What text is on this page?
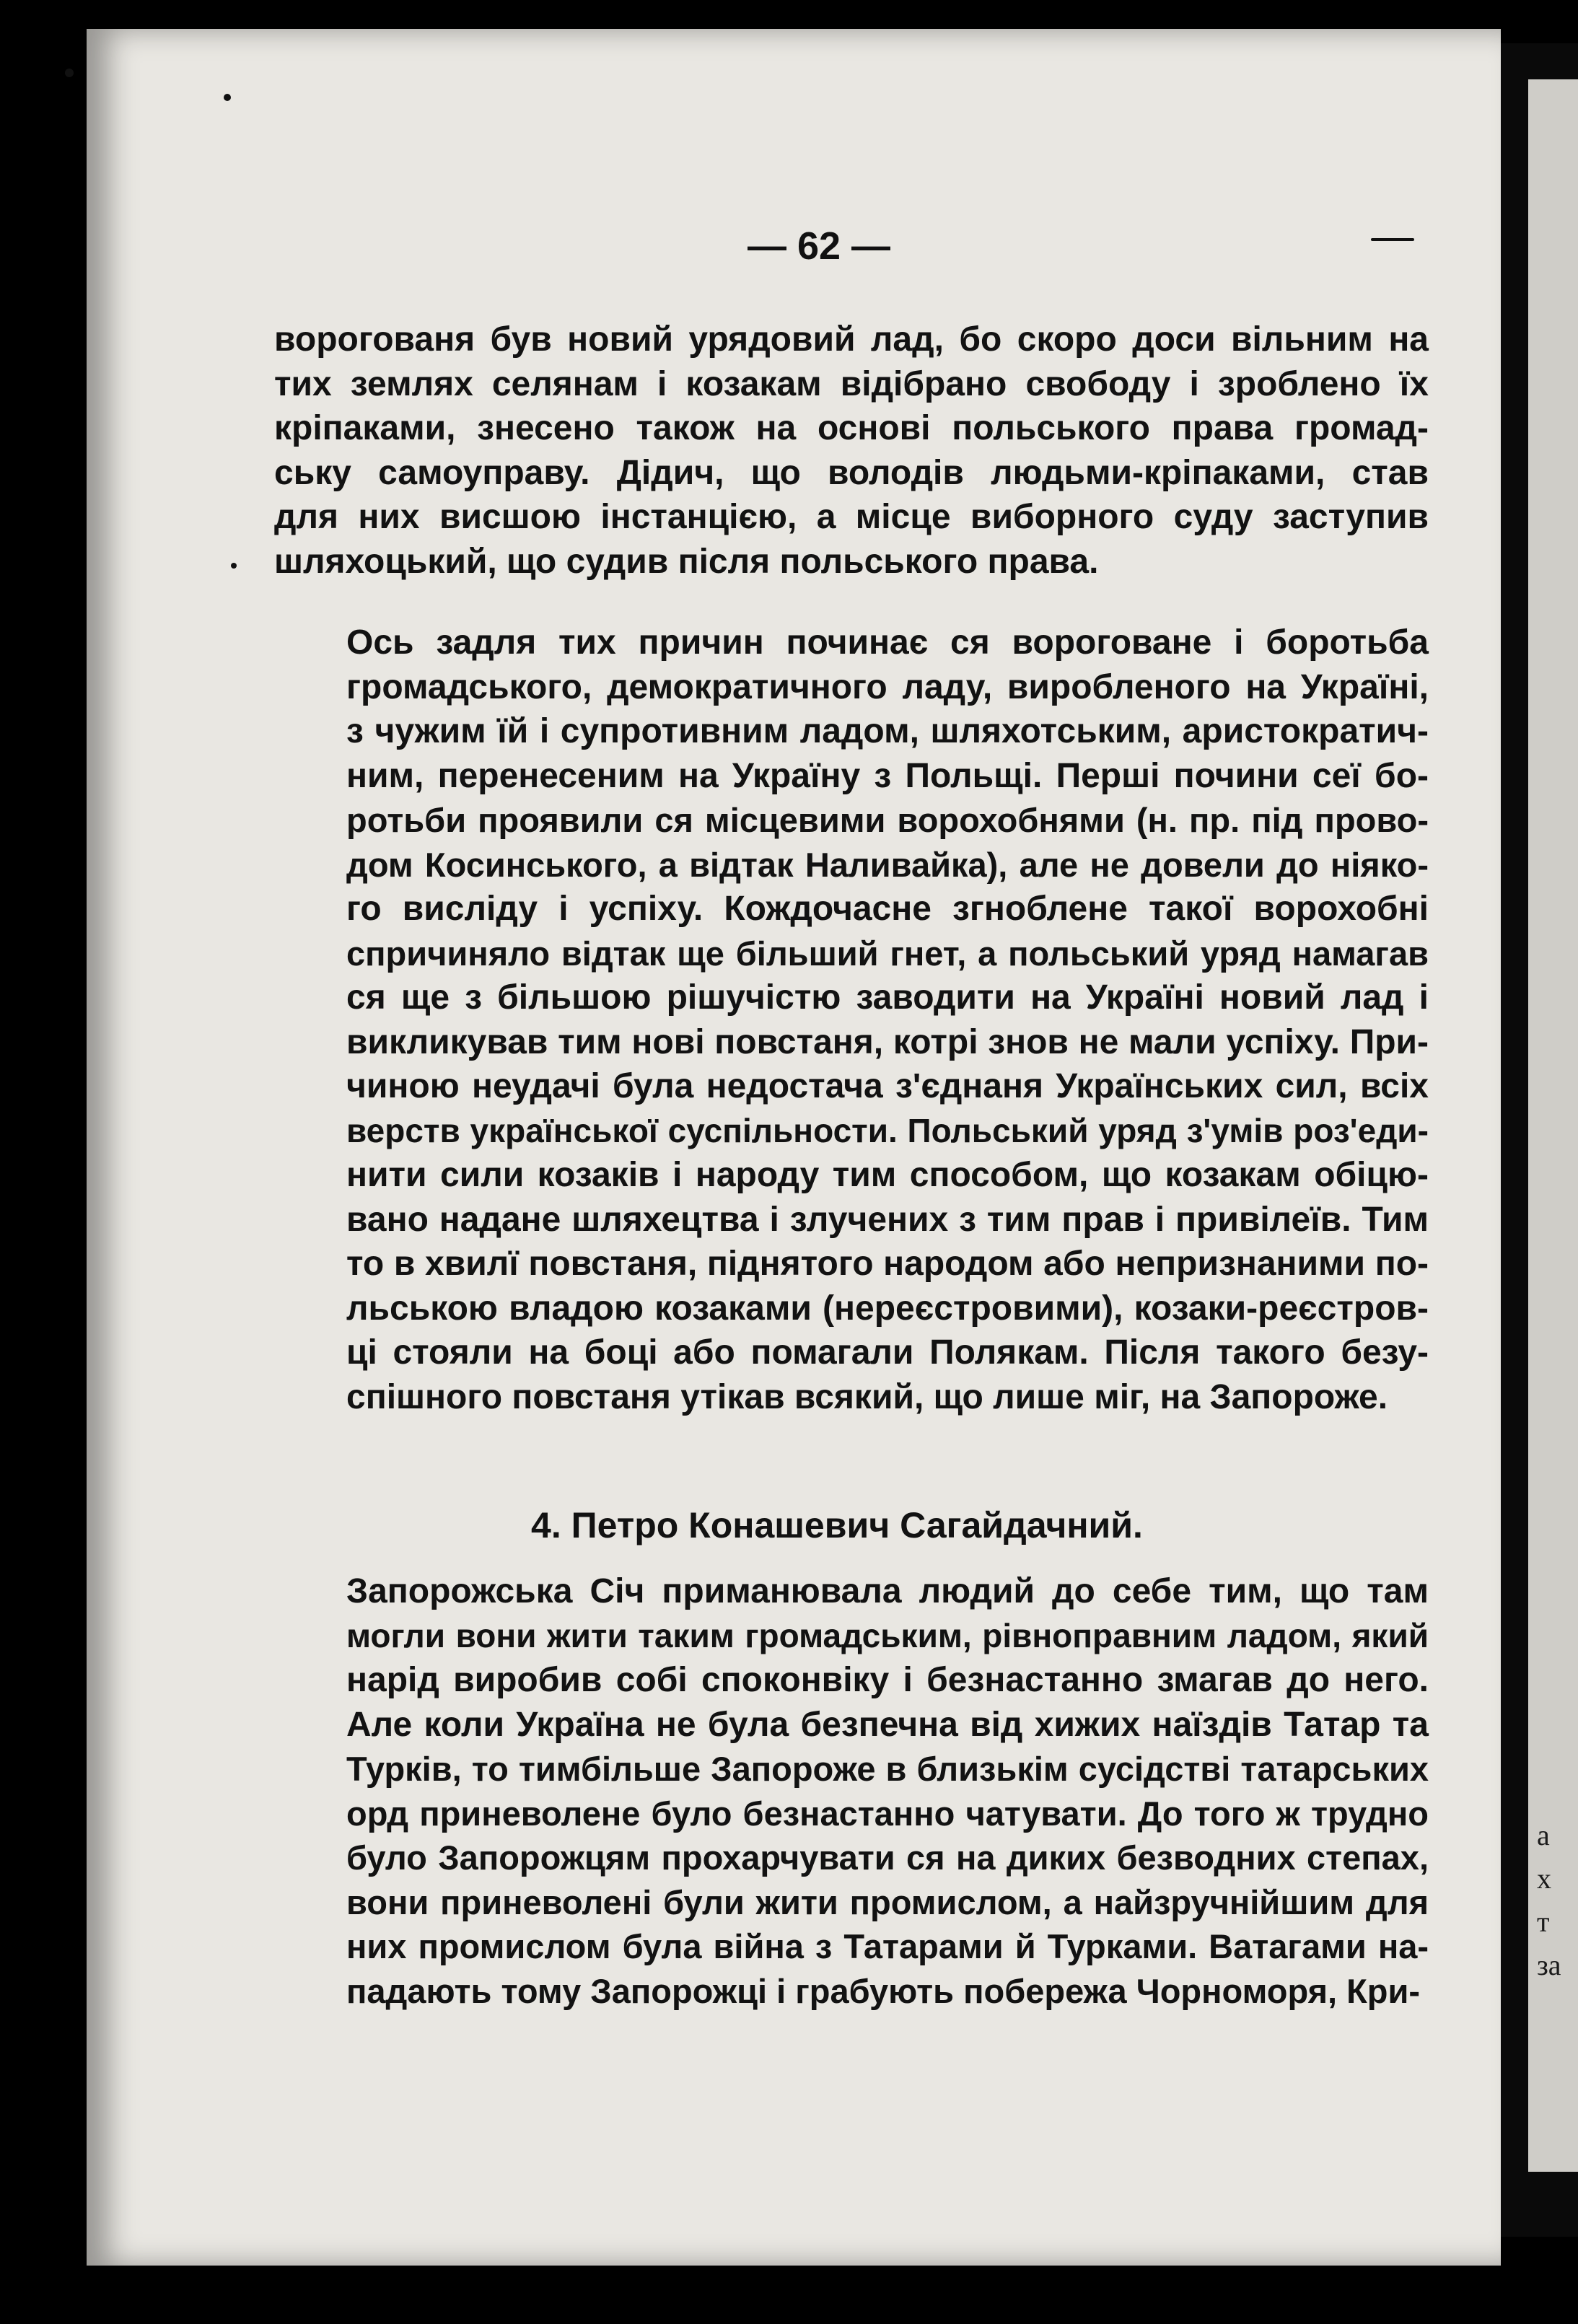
— 62 —
ворогованя був новий урядовий лад, бо скоро доси вільним на
тих землях селянам і козакам відібрано свободу і зроблено їх
кріпаками, знесено також на основі польського права громад-
ську самоуправу. Дідич, що володів людьми-кріпаками, став
для них висшою інстанцією, а місце виборного суду заступив
шляхоцький, що судив після польського права.
Ось задля тих причин починає ся вороговане і боротьба
громадського, демократичного ладу, виробленого на Україні,
з чужим їй і супротивним ладом, шляхотським, аристократич-
ним, перенесеним на Україну з Польщі. Перші почини сеї бо-
ротьби проявили ся місцевими ворохобнями (н. пр. під прово-
дом Косинського, а відтак Наливайка), але не довели до ніяко-
го висліду і успіху. Кождочасне згноблене такої ворохобні
спричиняло відтак ще більший гнет, а польський уряд намагав
ся ще з більшою рішучістю заводити на Україні новий лад і
викликував тим нові повстаня, котрі знов не мали успіху. При-
чиною неудачі була недостача з'єднаня Українських сил, всіх
верств української суспільности. Польський уряд з'умів роз'еди-
нити сили козаків і народу тим способом, що козакам обіцю-
вано надане шляхецтва і злучених з тим прав і привілеїв. Тим
то в хвилї повстаня, піднятого народом або непризнаними по-
льською владою козаками (нереєстровими), козаки-реєстров-
ці стояли на боці або помагали Полякам. Після такого безу-
спішного повстаня утікав всякий, що лише міг, на Запороже.
4. Петро Конашевич Сагайдачний.
Запорожська Січ приманювала людий до себе тим, що там
могли вони жити таким громадським, рівноправним ладом, який
нарід виробив собі споконвіку і безнастанно змагав до него.
Але коли Україна не була безпечна від хижих наїздів Татар та
Турків, то тимбільше Запороже в близькім сусідстві татарських
орд приневолене було безнастанно чатувати. До того ж трудно
було Запорожцям прохарчувати ся на диких безводних степах,
вони приневолені були жити промислом, а найзручнійшим для
них промислом була війна з Татарами й Турками. Ватагами на-
падають тому Запорожці і грабують побережа Чорноморя, Кри-
а
х
т
за
